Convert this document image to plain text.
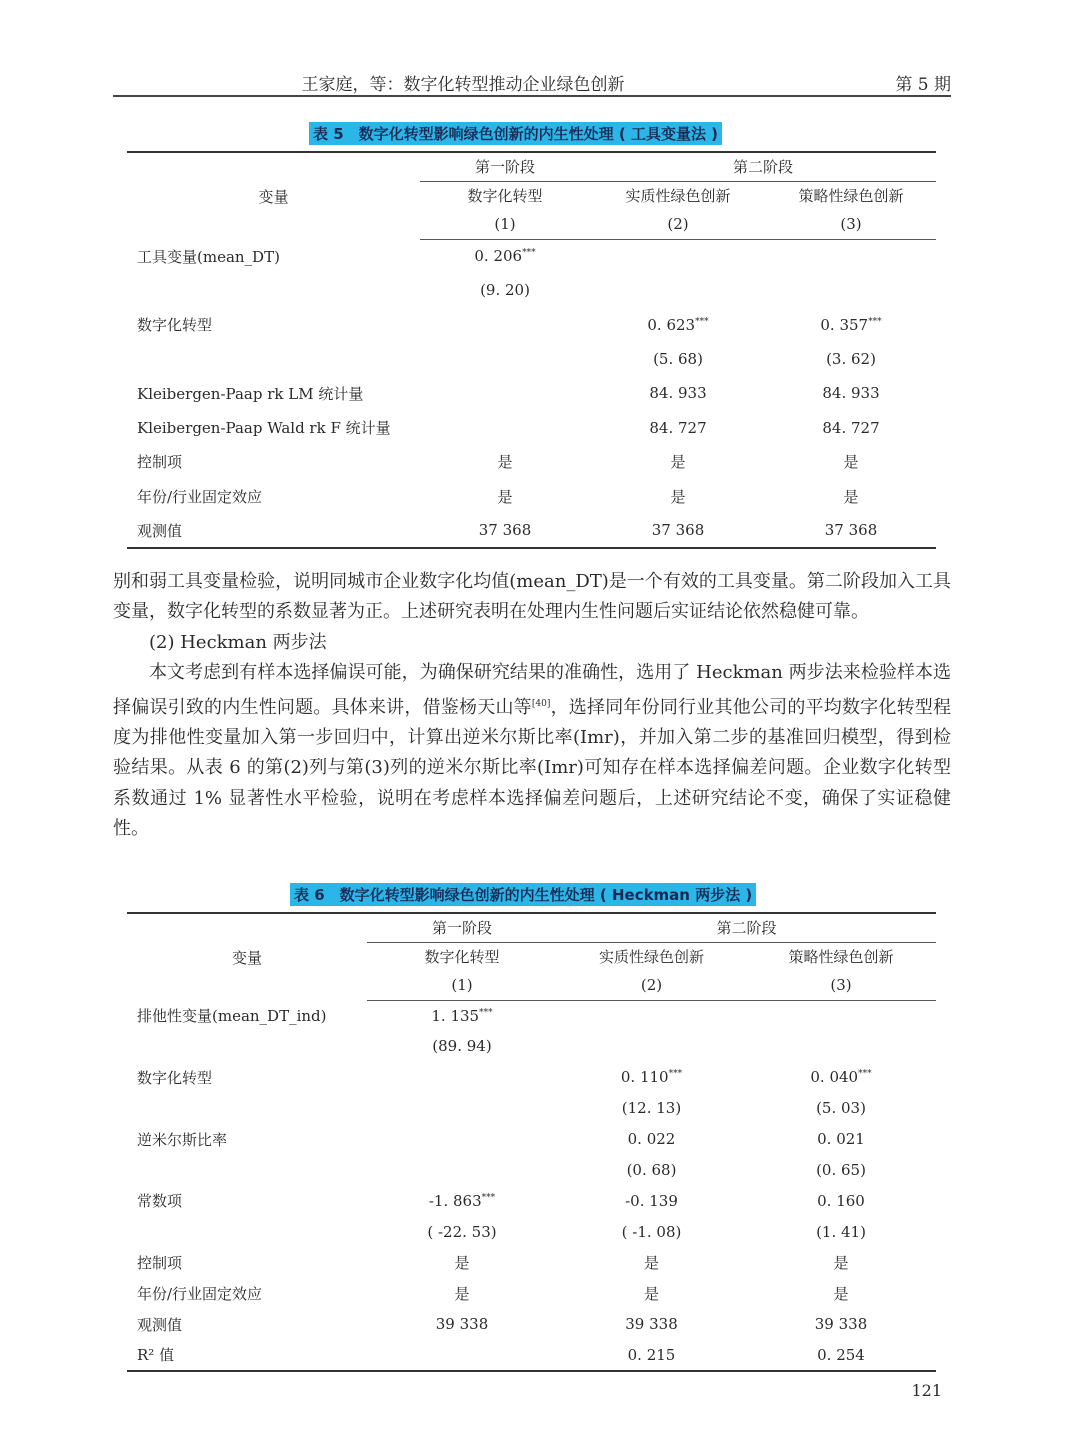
王家庭，等：数字化转型推动企业绿色创新	第 5 期
表 5　数字化转型影响绿色创新的内生性处理 ( 工具变量法 )
变量	第一阶段	第二阶段	
	数字化转型	实质性绿色创新	策略性绿色创新
	(1)	(2)	(3)
工具变量(mean_DT)	0. 206***		
	(9. 20)		
数字化转型		0. 623***	0. 357***
		(5. 68)	(3. 62)
Kleibergen-Paap rk LM 统计量		84. 933	84. 933
Kleibergen-Paap Wald rk F 统计量		84. 727	84. 727
控制项	是	是	是
年份/行业固定效应	是	是	是
观测值	37 368	37 368	37 368

别和弱工具变量检验，说明同城市企业数字化均值(mean_DT)是一个有效的工具变量。第二阶段加入工具变量，数字化转型的系数显著为正。上述研究表明在处理内生性问题后实证结论依然稳健可靠。

(2) Heckman 两步法

本文考虑到有样本选择偏误可能，为确保研究结果的准确性，选用了 Heckman 两步法来检验样本选择偏误引致的内生性问题。具体来讲，借鉴杨天山等[40]，选择同年份同行业其他公司的平均数字化转型程度为排他性变量加入第一步回归中，计算出逆米尔斯比率(Imr)，并加入第二步的基准回归模型，得到检验结果。从表 6 的第(2)列与第(3)列的逆米尔斯比率(Imr)可知存在样本选择偏差问题。企业数字化转型系数通过 1% 显著性水平检验，说明在考虑样本选择偏差问题后，上述研究结论不变，确保了实证稳健性。

表 6　数字化转型影响绿色创新的内生性处理 ( Heckman 两步法 )
变量	第一阶段	第二阶段	
	数字化转型	实质性绿色创新	策略性绿色创新
	(1)	(2)	(3)
排他性变量(mean_DT_ind)	1. 135***		
	(89. 94)		
数字化转型		0. 110***	0. 040***
		(12. 13)	(5. 03)
逆米尔斯比率		0. 022	0. 021
		(0. 68)	(0. 65)
常数项	-1. 863***	-0. 139	0. 160
	( -22. 53)	( -1. 08)	(1. 41)
控制项	是	是	是
年份/行业固定效应	是	是	是
观测值	39 338	39 338	39 338
R² 值		0. 215	0. 254
121
